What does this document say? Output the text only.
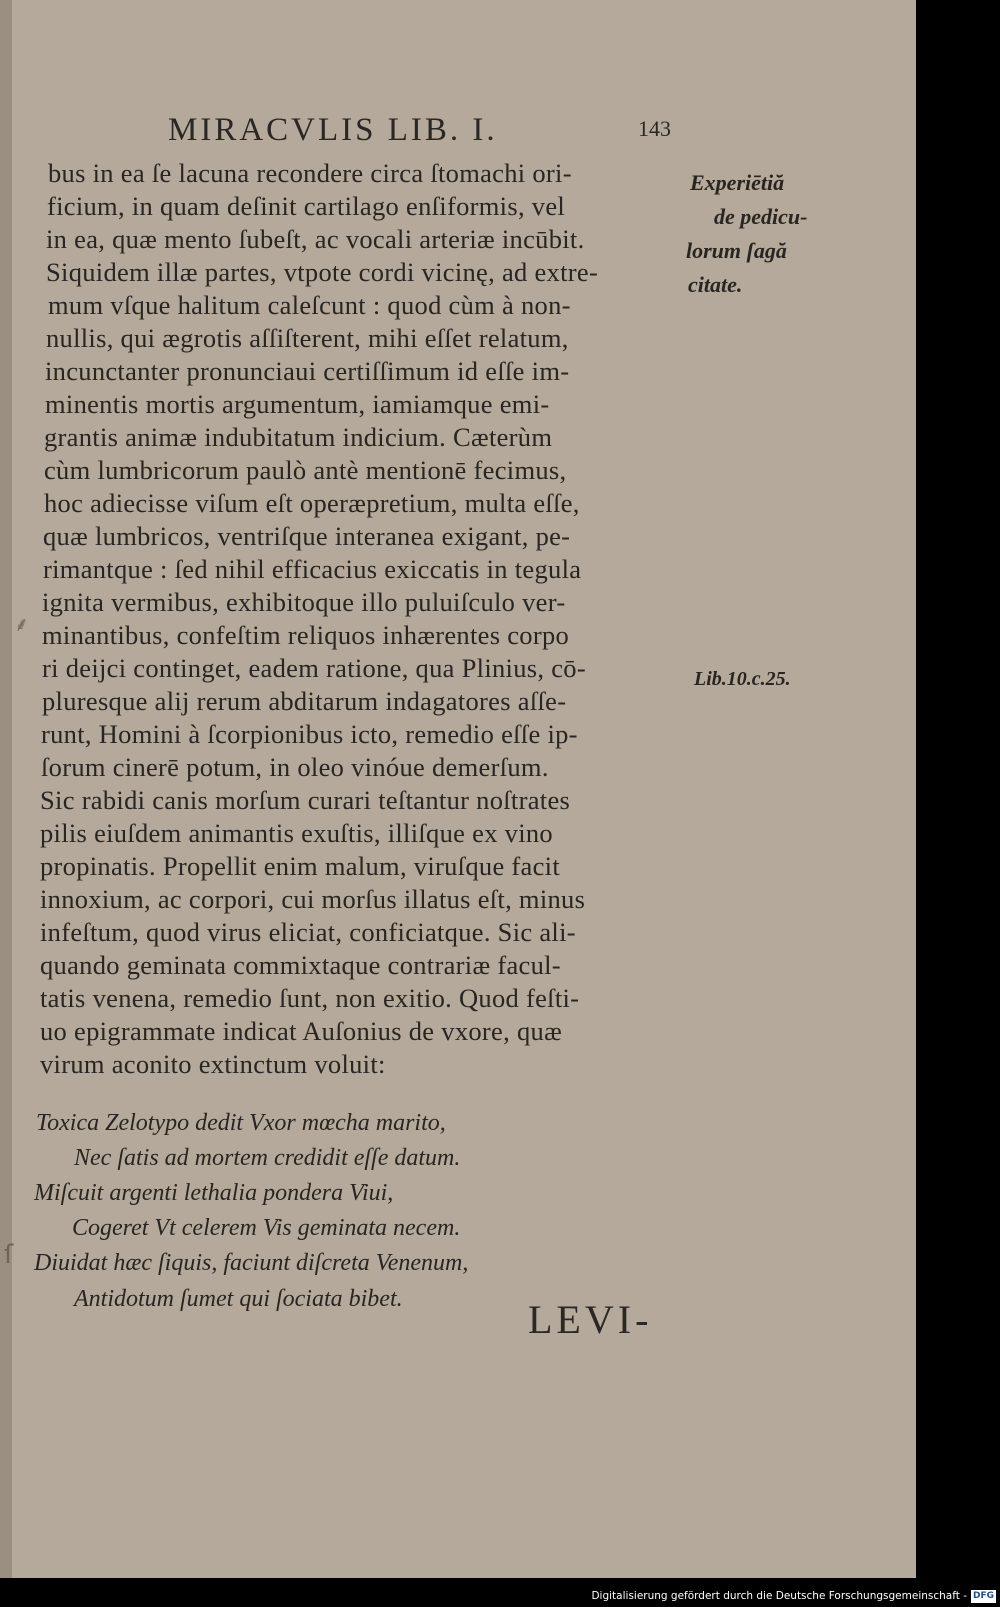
MIRACVLIS LIB. I.	143
bus in ea ſe lacuna recondere circa ſtomachi ori-
ficium, in quam deſinit cartilago enſiformis, vel
in ea, quæ mento ſubeſt, ac vocali arteriæ incūbit.
Siquidem illæ partes, vtpote cordi vicinę, ad extre-
mum vſque halitum caleſcunt : quod cùm à non-
nullis, qui ægrotis aſſiſterent, mihi eſſet relatum,
incunctanter pronunciaui certiſſimum id eſſe im-
minentis mortis argumentum, iamiamque emi-
grantis animæ indubitatum indicium. Cæterùm
cùm lumbricorum paulò antè mentionē fecimus,
hoc adiecisse viſum eſt operæpretium, multa eſſe,
quæ lumbricos, ventriſque interanea exigant, pe-
rimantque : ſed nihil efficacius exiccatis in tegula
ignita vermibus, exhibitoque illo puluiſculo ver-
minantibus, confeſtim reliquos inhærentes corpo
ri deijci continget, eadem ratione, qua Plinius, cō-
pluresque alij rerum abditarum indagatores aſſe-
runt, Homini à ſcorpionibus icto, remedio eſſe ip-
ſorum cinerē potum, in oleo vinóue demerſum.
Sic rabidi canis morſum curari teſtantur noſtrates
pilis eiuſdem animantis exuſtis, illiſque ex vino
propinatis. Propellit enim malum, viruſque facit
innoxium, ac corpori, cui morſus illatus eſt, minus
infeſtum, quod virus eliciat, conficiatque. Sic ali-
quando geminata commixtaque contrariæ facul-
tatis venena, remedio ſunt, non exitio. Quod feſti-
uo epigrammate indicat Auſonius de vxore, quæ
virum aconito extinctum voluit:
Experiētiă
de pedicu-
lorum ſagă
citate.
Lib.10.c.25.
Toxica Zelotypo dedit Vxor mœcha marito,
Nec ſatis ad mortem credidit eſſe datum.
Miſcuit argenti lethalia pondera Viui,
Cogeret Vt celerem Vis geminata necem.
Diuidat hæc ſiquis, faciunt diſcreta Venenum,
Antidotum ſumet qui ſociata bibet.	LEVI-
⸙
ſ
Digitalisierung gefördert durch die Deutsche Forschungsgemeinschaft - DFG
